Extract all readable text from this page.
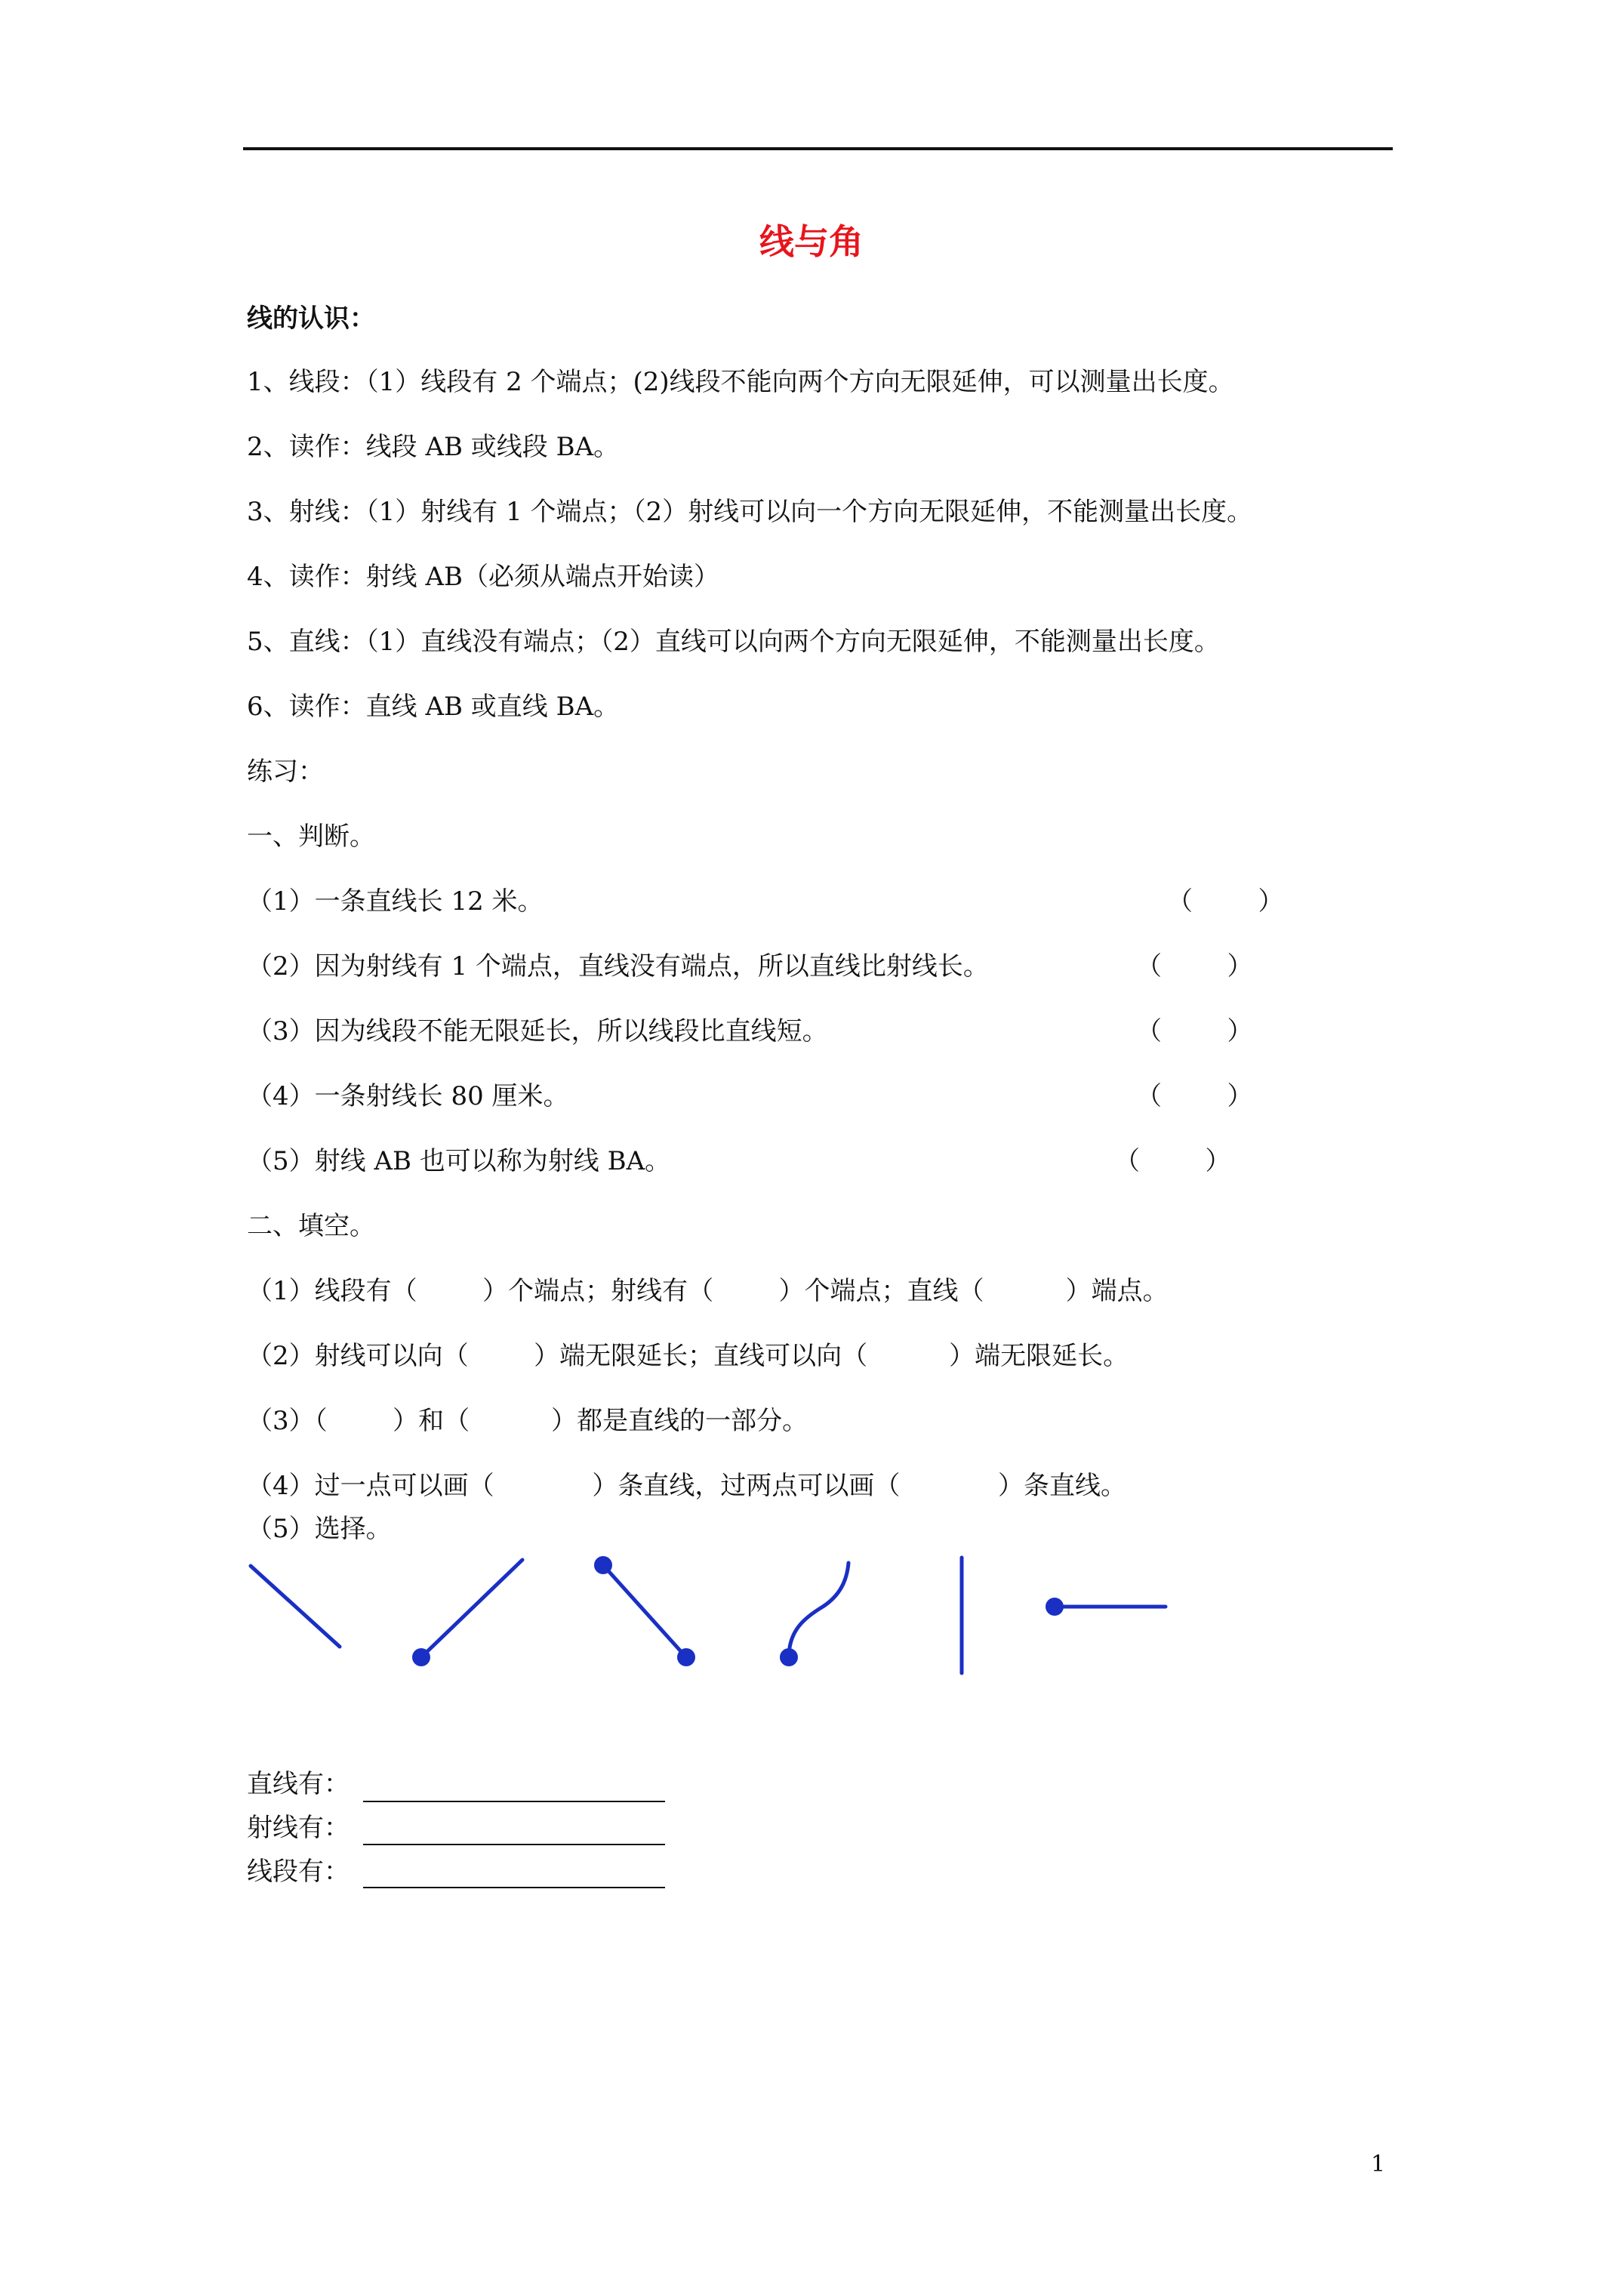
线与角
线的认识：
1、线段：（1）线段有 2 个端点；(2)线段不能向两个方向无限延伸，可以测量出长度。
2、读作：线段 AB 或线段 BA。
3、射线：（1）射线有 1 个端点；（2）射线可以向一个方向无限延伸，不能测量出长度。
4、读作：射线 AB（必须从端点开始读）
5、直线：（1）直线没有端点；（2）直线可以向两个方向无限延伸，不能测量出长度。
6、读作：直线 AB 或直线 BA。
练习：
一、判断。
（1）一条直线长 12 米。	（        ）
（2）因为射线有 1 个端点，直线没有端点，所以直线比射线长。	（        ）
（3）因为线段不能无限延长，所以线段比直线短。	（        ）
（4）一条射线长 80 厘米。	（        ）
（5）射线 AB 也可以称为射线 BA。	（        ）
二、填空。
（1）线段有（        ）个端点；射线有（        ）个端点；直线（          ）端点。
（2）射线可以向（        ）端无限延长；直线可以向（          ）端无限延长。
（3）（        ）和（          ）都是直线的一部分。
（4）过一点可以画（            ）条直线，过两点可以画（            ）条直线。
（5）选择。
直线有：
射线有：
线段有：
1
